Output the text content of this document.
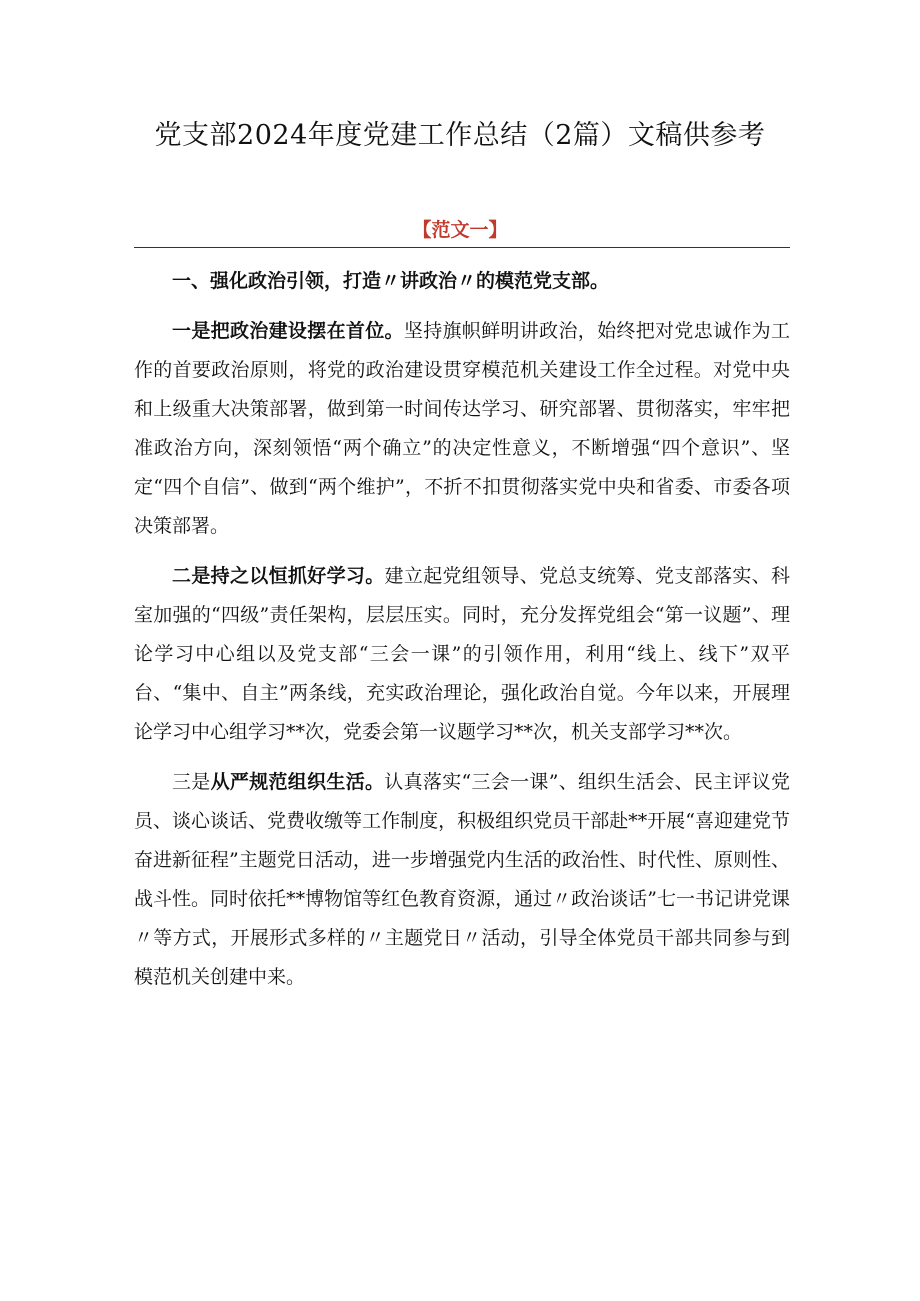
党支部2024年度党建工作总结（2篇）文稿供参考
【范文一】

一、强化政治引领，打造〃讲政治〃的模范党支部。

一是把政治建设摆在首位。坚持旗帜鲜明讲政治，始终把对党忠诚作为工作的首要政治原则，将党的政治建设贯穿模范机关建设工作全过程。对党中央和上级重大决策部署，做到第一时间传达学习、研究部署、贯彻落实，牢牢把准政治方向，深刻领悟“两个确立”的决定性意义，不断增强“四个意识”、坚定“四个自信”、做到“两个维护”，不折不扣贯彻落实党中央和省委、市委各项决策部署。

二是持之以恒抓好学习。建立起党组领导、党总支统筹、党支部落实、科室加强的“四级”责任架构，层层压实。同时，充分发挥党组会“第一议题”、理论学习中心组以及党支部“三会一课”的引领作用，利用“线上、线下”双平台、“集中、自主”两条线，充实政治理论，强化政治自觉。今年以来，开展理论学习中心组学习**次，党委会第一议题学习**次，机关支部学习**次。

三是从严规范组织生活。认真落实“三会一课”、组织生活会、民主评议党员、谈心谈话、党费收缴等工作制度，积极组织党员干部赴**开展“喜迎建党节奋进新征程”主题党日活动，进一步增强党内生活的政治性、时代性、原则性、战斗性。同时依托**博物馆等红色教育资源，通过〃政治谈话”七一书记讲党课〃等方式，开展形式多样的〃主题党日〃活动，引导全体党员干部共同参与到模范机关创建中来。
